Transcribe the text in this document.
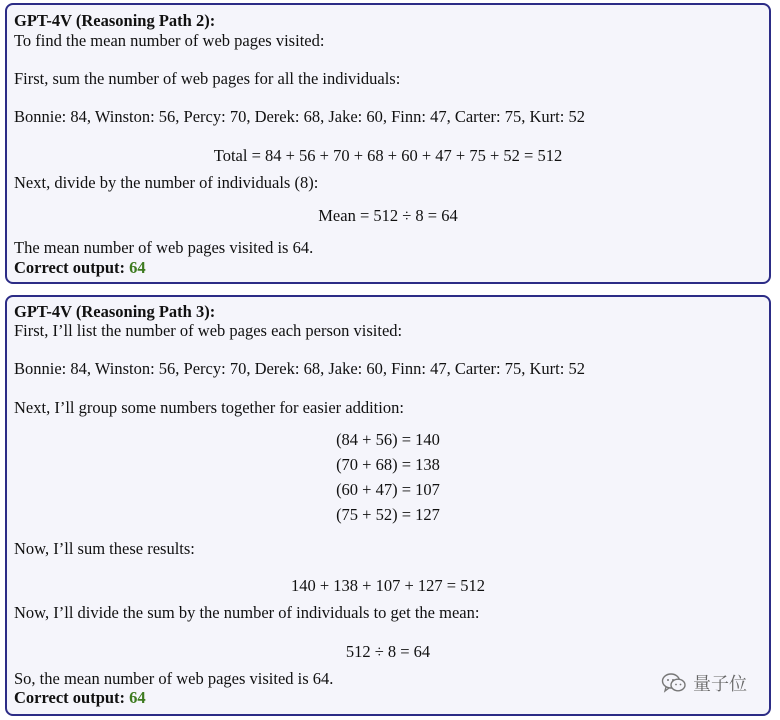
GPT-4V (Reasoning Path 2):
To find the mean number of web pages visited:
First, sum the number of web pages for all the individuals:
Bonnie: 84, Winston: 56, Percy: 70, Derek: 68, Jake: 60, Finn: 47, Carter: 75, Kurt: 52
Total = 84 + 56 + 70 + 68 + 60 + 47 + 75 + 52 = 512
Next, divide by the number of individuals (8):
Mean = 512 ÷ 8 = 64
The mean number of web pages visited is 64.
Correct output: 64
GPT-4V (Reasoning Path 3):
First, I’ll list the number of web pages each person visited:
Bonnie: 84, Winston: 56, Percy: 70, Derek: 68, Jake: 60, Finn: 47, Carter: 75, Kurt: 52
Next, I’ll group some numbers together for easier addition:
(84 + 56) = 140
(70 + 68) = 138
(60 + 47) = 107
(75 + 52) = 127
Now, I’ll sum these results:
140 + 138 + 107 + 127 = 512
Now, I’ll divide the sum by the number of individuals to get the mean:
512 ÷ 8 = 64
So, the mean number of web pages visited is 64.
Correct output: 64
量子位
